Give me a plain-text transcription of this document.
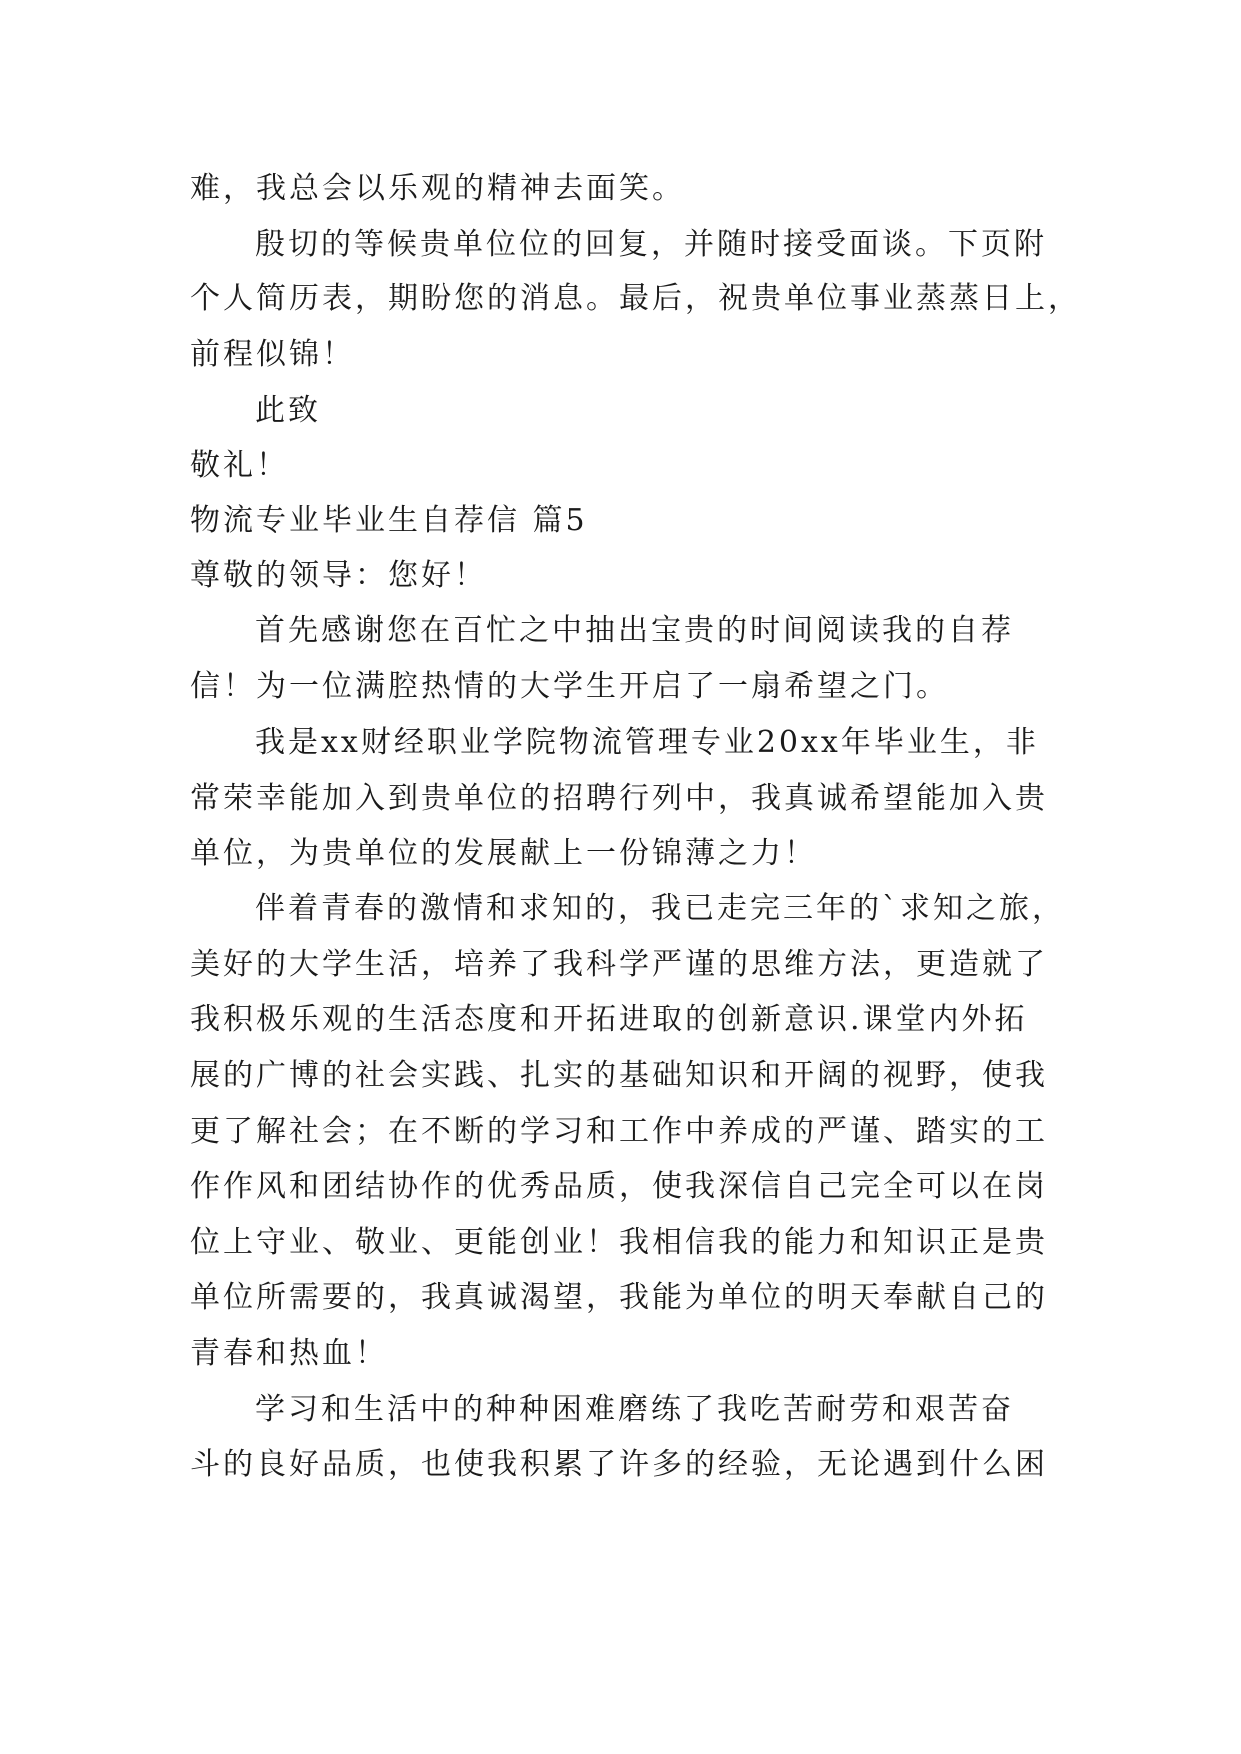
难，我总会以乐观的精神去面笑。
殷切的等候贵单位位的回复，并随时接受面谈。下页附
个人简历表，期盼您的消息。最后，祝贵单位事业蒸蒸日上，
前程似锦！
此致
敬礼！
物流专业毕业生自荐信 篇5
尊敬的领导：您好！
首先感谢您在百忙之中抽出宝贵的时间阅读我的自荐
信！为一位满腔热情的大学生开启了一扇希望之门。
我是xx财经职业学院物流管理专业20xx年毕业生，非
常荣幸能加入到贵单位的招聘行列中，我真诚希望能加入贵
单位，为贵单位的发展献上一份锦薄之力！
伴着青春的激情和求知的，我已走完三年的`求知之旅，
美好的大学生活，培养了我科学严谨的思维方法，更造就了
我积极乐观的生活态度和开拓进取的创新意识.课堂内外拓
展的广博的社会实践、扎实的基础知识和开阔的视野，使我
更了解社会；在不断的学习和工作中养成的严谨、踏实的工
作作风和团结协作的优秀品质，使我深信自己完全可以在岗
位上守业、敬业、更能创业！我相信我的能力和知识正是贵
单位所需要的，我真诚渴望，我能为单位的明天奉献自己的
青春和热血！
学习和生活中的种种困难磨练了我吃苦耐劳和艰苦奋
斗的良好品质，也使我积累了许多的经验，无论遇到什么困
